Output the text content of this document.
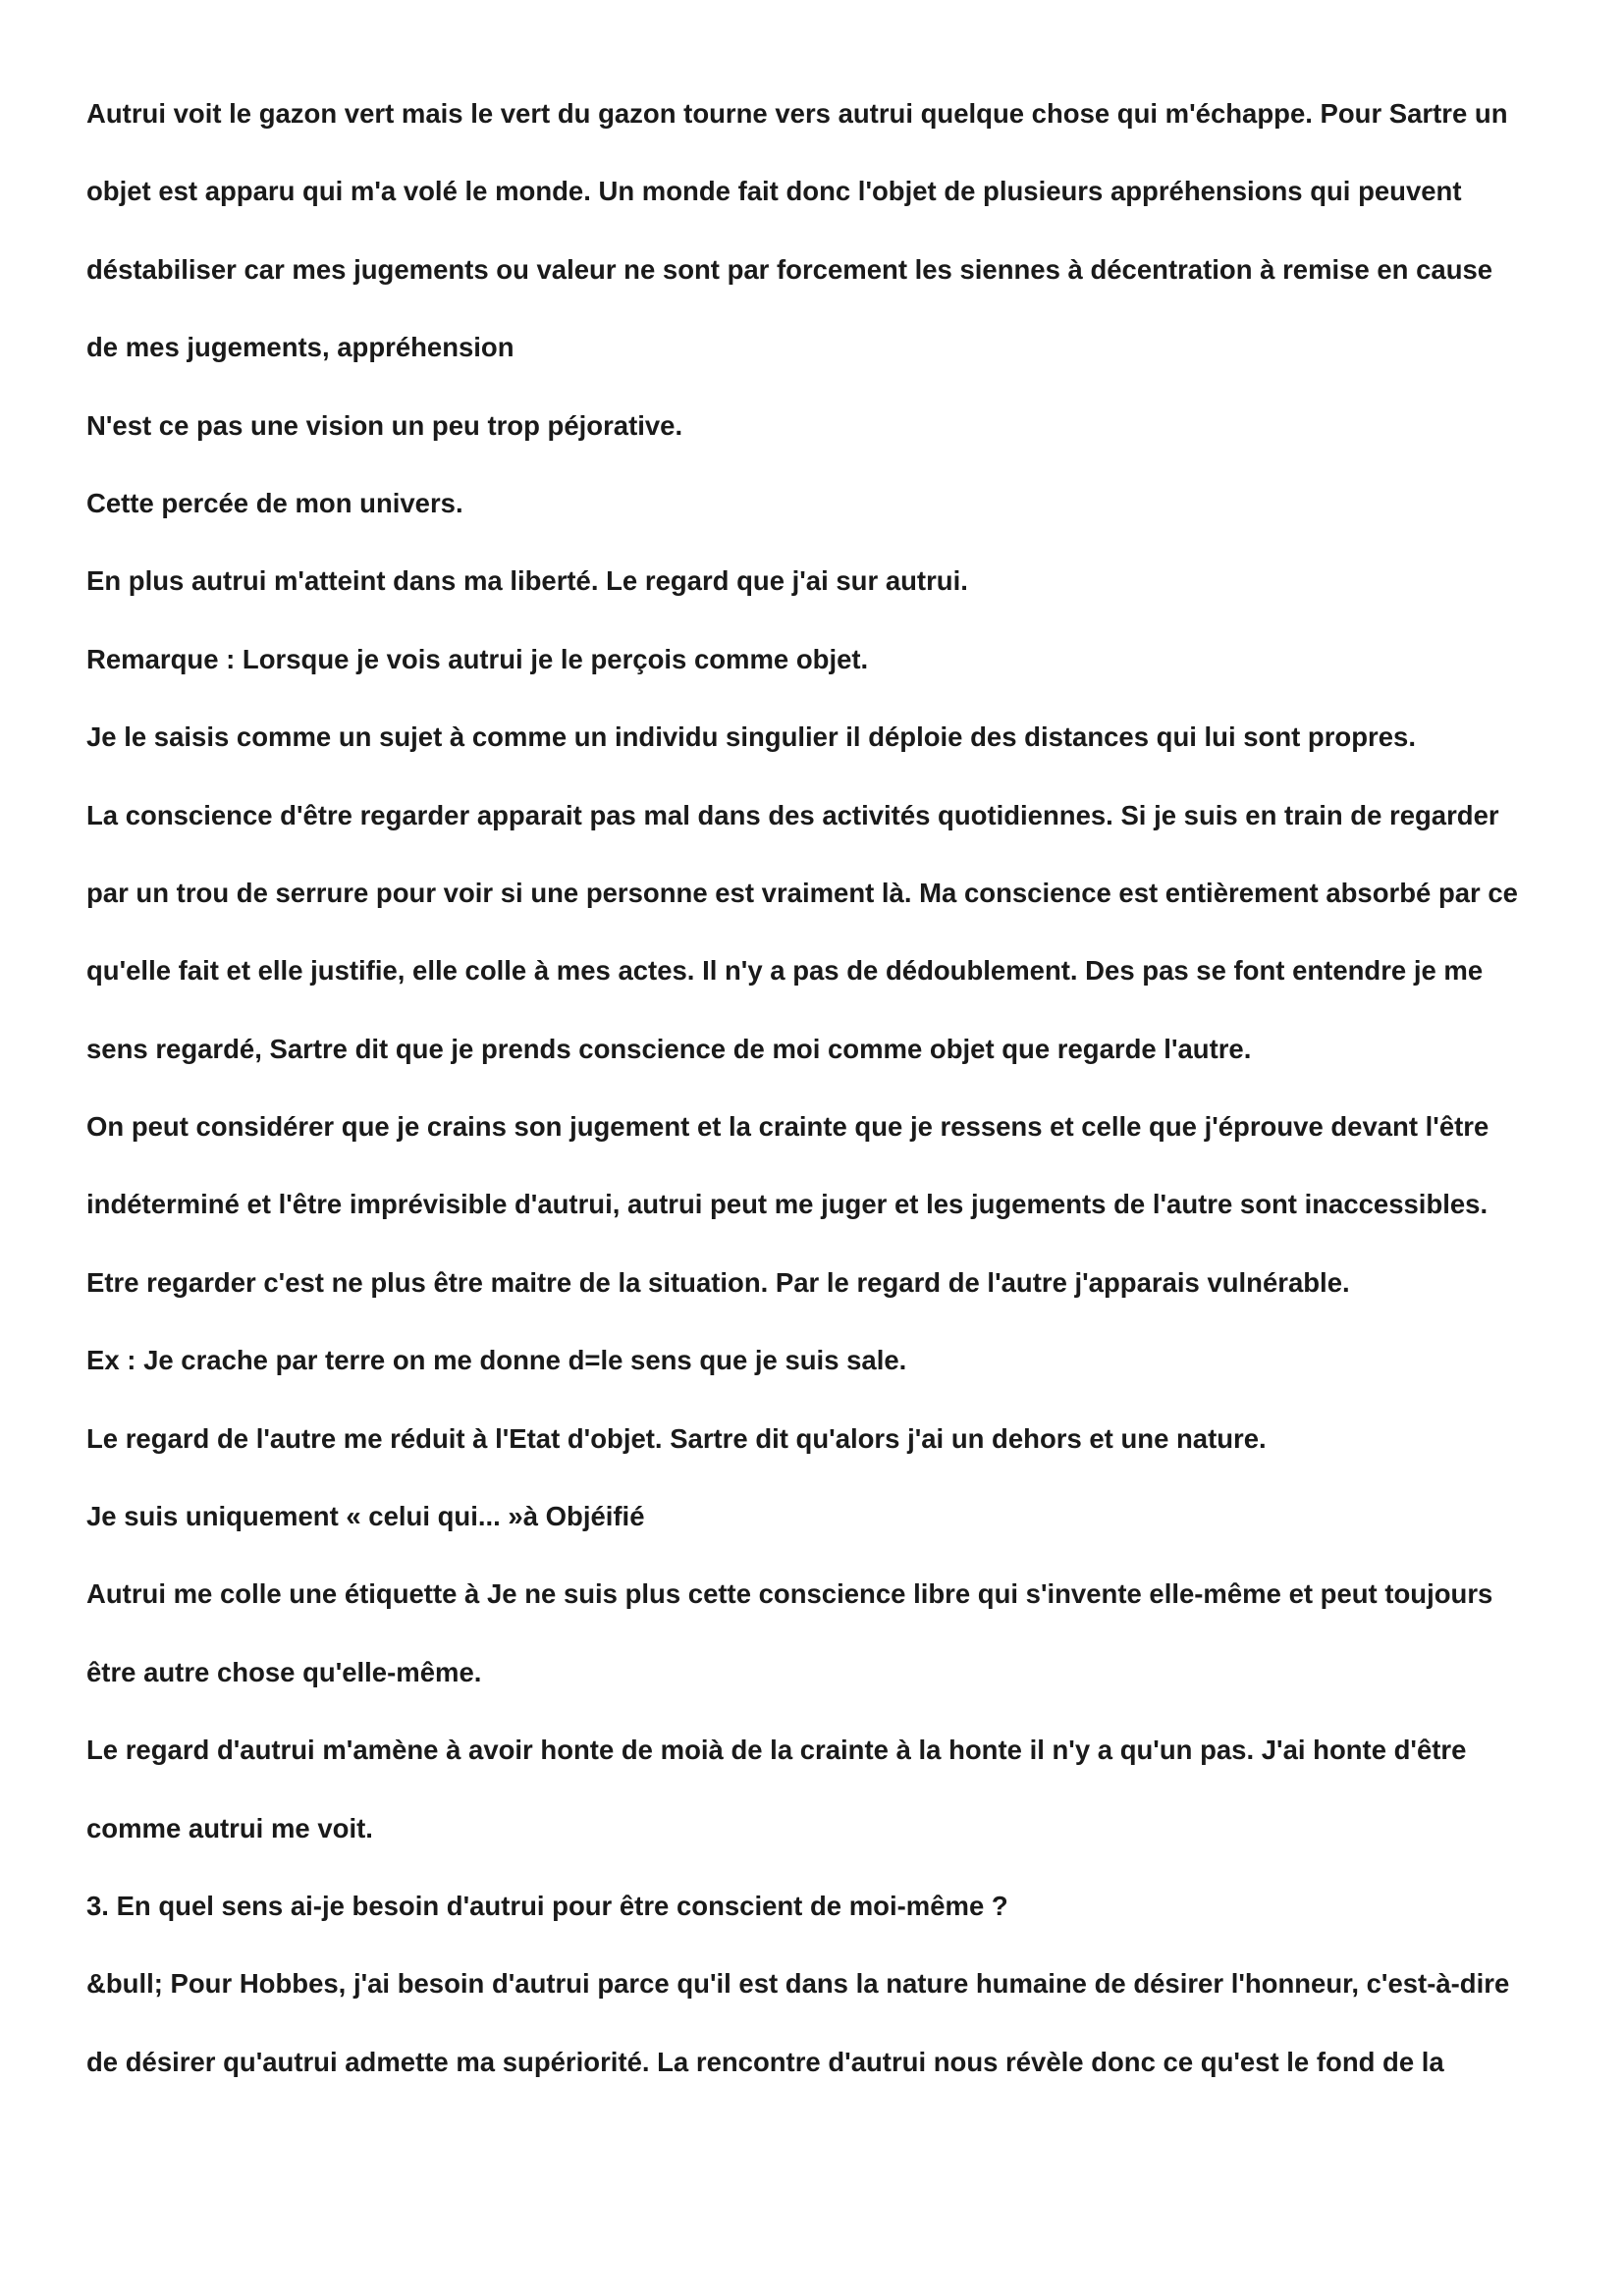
Autrui voit le gazon vert mais le vert du gazon tourne vers autrui quelque chose qui m'échappe. Pour Sartre un
objet est apparu qui m'a volé le monde. Un monde fait donc l'objet de plusieurs appréhensions qui peuvent
déstabiliser car mes jugements ou valeur ne sont par forcement les siennes à décentration à remise en cause
de mes jugements, appréhension
N'est ce pas une vision un peu trop péjorative.
Cette percée de mon univers.
En plus autrui m'atteint dans ma liberté. Le regard que j'ai sur autrui.
Remarque : Lorsque je vois autrui je le perçois comme objet.
Je le saisis comme un sujet à comme un individu singulier il déploie des distances qui lui sont propres.
La conscience d'être regarder apparait pas mal dans des activités quotidiennes. Si je suis en train de regarder
par un trou de serrure pour voir si une personne est vraiment là. Ma conscience est entièrement absorbé par ce
qu'elle fait et elle justifie, elle colle à mes actes. Il n'y a pas de dédoublement. Des pas se font entendre je me
sens regardé, Sartre dit que je prends conscience de moi comme objet que regarde l'autre.
On peut considérer que je crains son jugement et la crainte que je ressens et celle que j'éprouve devant l'être
indéterminé et l'être imprévisible d'autrui, autrui peut me juger et les jugements de l'autre sont inaccessibles.
Etre regarder c'est ne plus être maitre de la situation. Par le regard de l'autre j'apparais vulnérable.
Ex : Je crache par terre on me donne d=le sens que je suis sale.
Le regard de l'autre me réduit à l'Etat d'objet. Sartre dit qu'alors j'ai un dehors et une nature.
Je suis uniquement « celui qui... »à Objéifié
Autrui me colle une étiquette à Je ne suis plus cette conscience libre qui s'invente elle-même et peut toujours
être autre chose qu'elle-même.
Le regard d'autrui m'amène à avoir honte de moià de la crainte à la honte il n'y a qu'un pas. J'ai honte d'être
comme autrui me voit.
3. En quel sens ai-je besoin d'autrui pour être conscient de moi-même ?
&bull; Pour Hobbes, j'ai besoin d'autrui parce qu'il est dans la nature humaine de désirer l'honneur, c'est-à-dire
de désirer qu'autrui admette ma supériorité. La rencontre d'autrui nous révèle donc ce qu'est le fond de la
